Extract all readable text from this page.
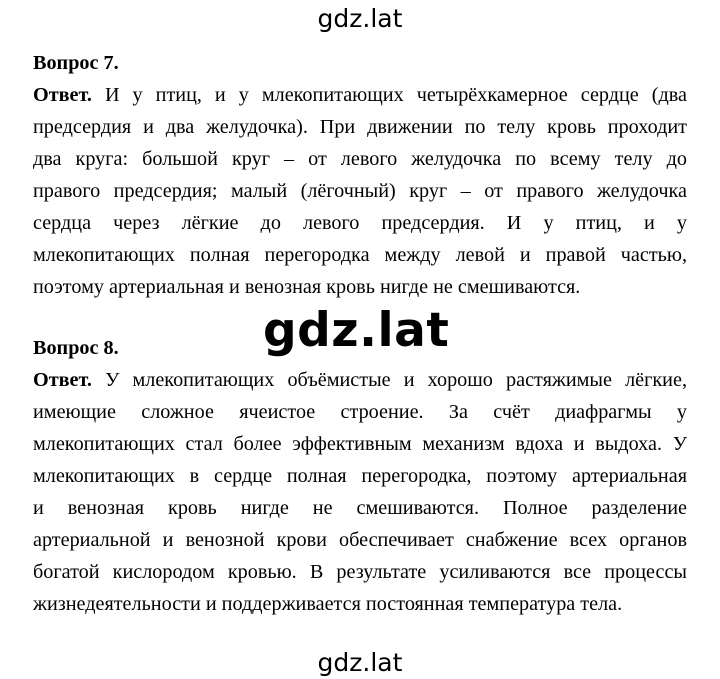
gdz.lat
Вопрос 7.
Ответ. И у птиц, и у млекопитающих четырёхкамерное сердце (два
предсердия и два желудочка). При движении по телу кровь проходит
два круга: большой круг – от левого желудочка по всему телу до
правого предсердия; малый (лёгочный) круг – от правого желудочка
сердца через лёгкие до левого предсердия. И у птиц, и у
млекопитающих полная перегородка между левой и правой частью,
поэтому артериальная и венозная кровь нигде не смешиваются.
gdz.lat
Вопрос 8.
Ответ. У млекопитающих объёмистые и хорошо растяжимые лёгкие,
имеющие сложное ячеистое строение. За счёт диафрагмы у
млекопитающих стал более эффективным механизм вдоха и выдоха. У
млекопитающих в сердце полная перегородка, поэтому артериальная
и венозная кровь нигде не смешиваются. Полное разделение
артериальной и венозной крови обеспечивает снабжение всех органов
богатой кислородом кровью. В результате усиливаются все процессы
жизнедеятельности и поддерживается постоянная температура тела.
gdz.lat
